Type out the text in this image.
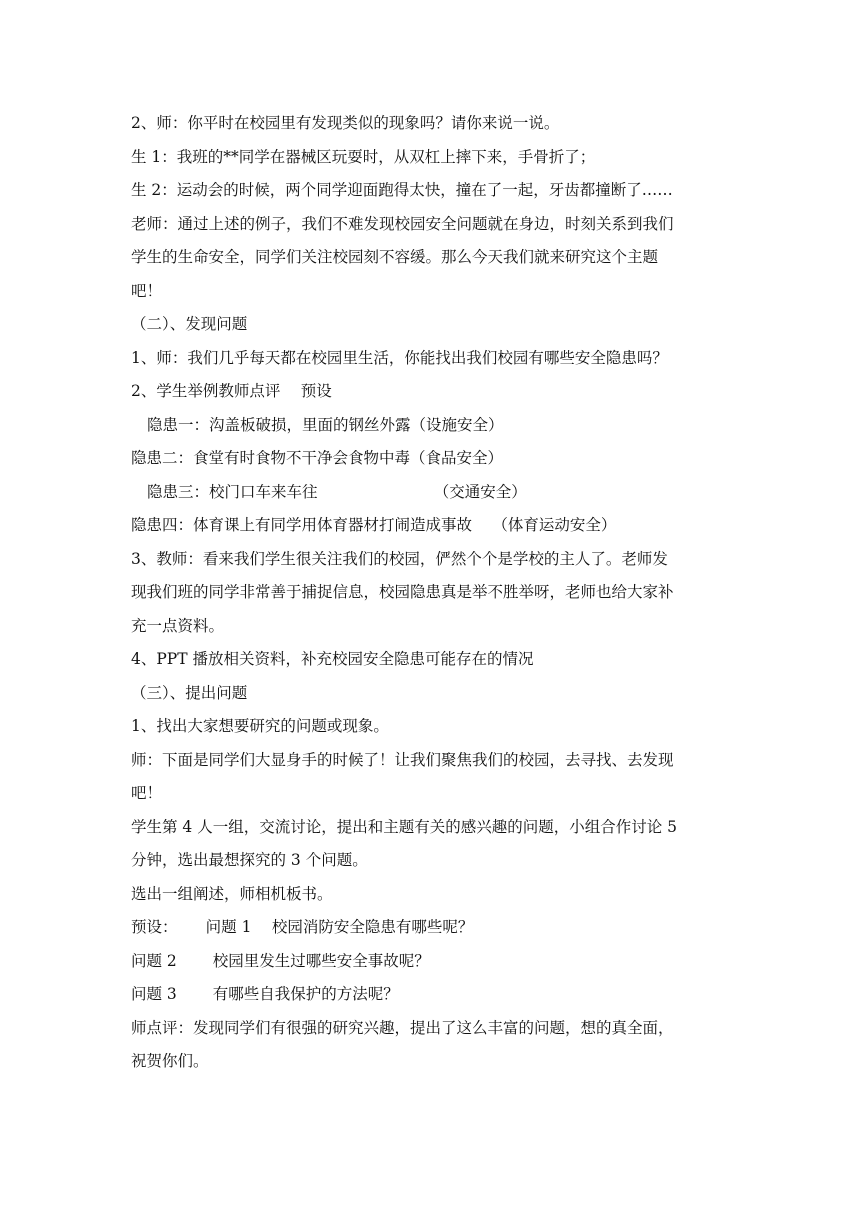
2、师：你平时在校园里有发现类似的现象吗？请你来说一说。
生 1：我班的**同学在器械区玩耍时，从双杠上摔下来，手骨折了；
生 2：运动会的时候，两个同学迎面跑得太快，撞在了一起，牙齿都撞断了……
老师：通过上述的例子，我们不难发现校园安全问题就在身边，时刻关系到我们
学生的生命安全，同学们关注校园刻不容缓。那么今天我们就来研究这个主题
吧！
（二）、发现问题
1、师：我们几乎每天都在校园里生活，你能找出我们校园有哪些安全隐患吗？
2、学生举例教师点评　 预设
隐患一：沟盖板破损，里面的钢丝外露（设施安全）
隐患二：食堂有时食物不干净会食物中毒（食品安全）
隐患三：校门口车来车往　　　　　　　　（交通安全）
隐患四：体育课上有同学用体育器材打闹造成事故　 （体育运动安全）
3、教师：看来我们学生很关注我们的校园，俨然个个是学校的主人了。老师发
现我们班的同学非常善于捕捉信息，校园隐患真是举不胜举呀，老师也给大家补
充一点资料。
4、PPT 播放相关资料，补充校园安全隐患可能存在的情况
（三）、提出问题
1、找出大家想要研究的问题或现象。
师：下面是同学们大显身手的时候了！让我们聚焦我们的校园，去寻找、去发现
吧！
学生第 4 人一组，交流讨论，提出和主题有关的感兴趣的问题，小组合作讨论 5
分钟，选出最想探究的 3 个问题。
选出一组阐述，师相机板书。
预设：　　 问题 1　 校园消防安全隐患有哪些呢？
问题 2　　 校园里发生过哪些安全事故呢？
问题 3　　 有哪些自我保护的方法呢？
师点评：发现同学们有很强的研究兴趣，提出了这么丰富的问题，想的真全面，
祝贺你们。
